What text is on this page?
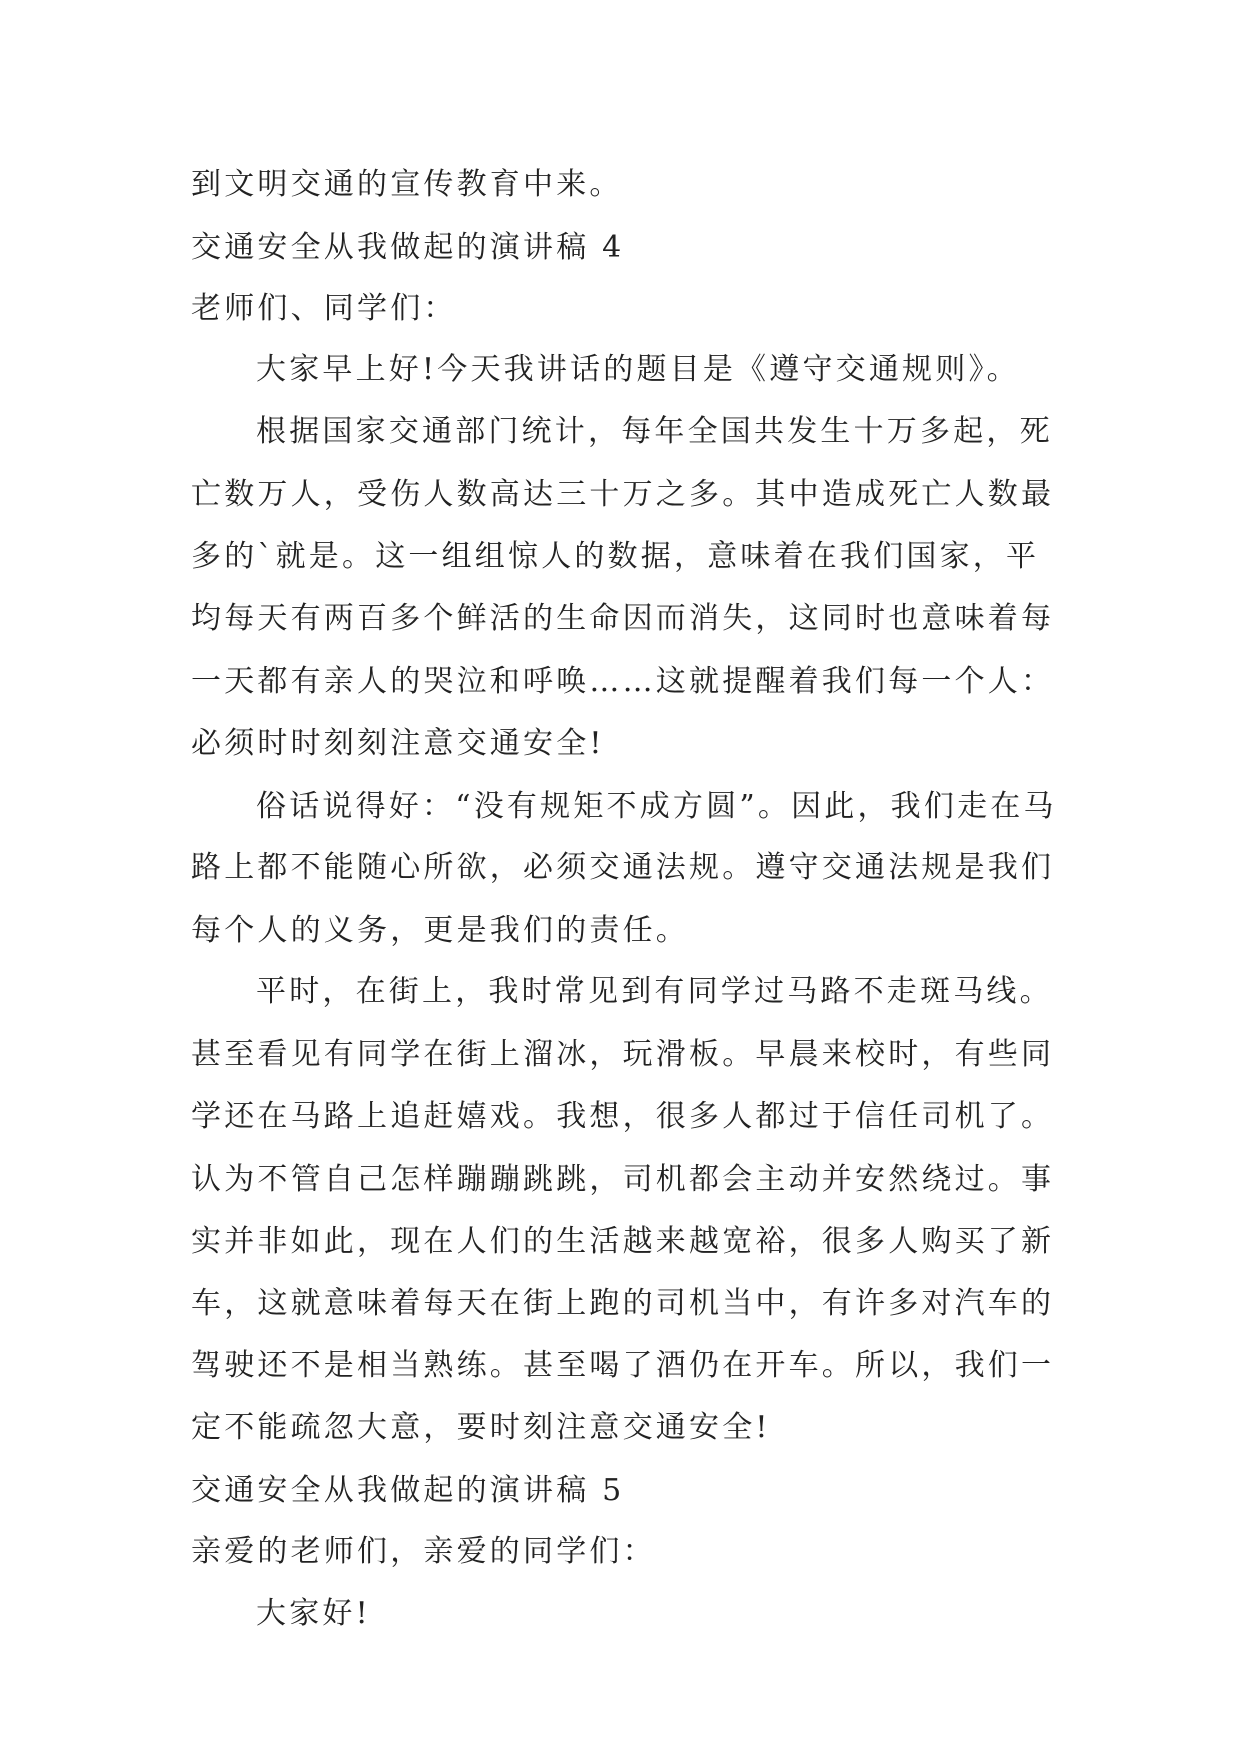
到文明交通的宣传教育中来。
交通安全从我做起的演讲稿 4
老师们、同学们：
大家早上好!今天我讲话的题目是《遵守交通规则》。
根据国家交通部门统计，每年全国共发生十万多起，死
亡数万人，受伤人数高达三十万之多。其中造成死亡人数最
多的`就是。这一组组惊人的数据，意味着在我们国家，平
均每天有两百多个鲜活的生命因而消失，这同时也意味着每
一天都有亲人的哭泣和呼唤……这就提醒着我们每一个人：
必须时时刻刻注意交通安全!
俗话说得好：“没有规矩不成方圆”。因此，我们走在马
路上都不能随心所欲，必须交通法规。遵守交通法规是我们
每个人的义务，更是我们的责任。
平时，在街上，我时常见到有同学过马路不走斑马线。
甚至看见有同学在街上溜冰，玩滑板。早晨来校时，有些同
学还在马路上追赶嬉戏。我想，很多人都过于信任司机了。
认为不管自己怎样蹦蹦跳跳，司机都会主动并安然绕过。事
实并非如此，现在人们的生活越来越宽裕，很多人购买了新
车，这就意味着每天在街上跑的司机当中，有许多对汽车的
驾驶还不是相当熟练。甚至喝了酒仍在开车。所以，我们一
定不能疏忽大意，要时刻注意交通安全!
交通安全从我做起的演讲稿 5
亲爱的老师们，亲爱的同学们：
大家好!
